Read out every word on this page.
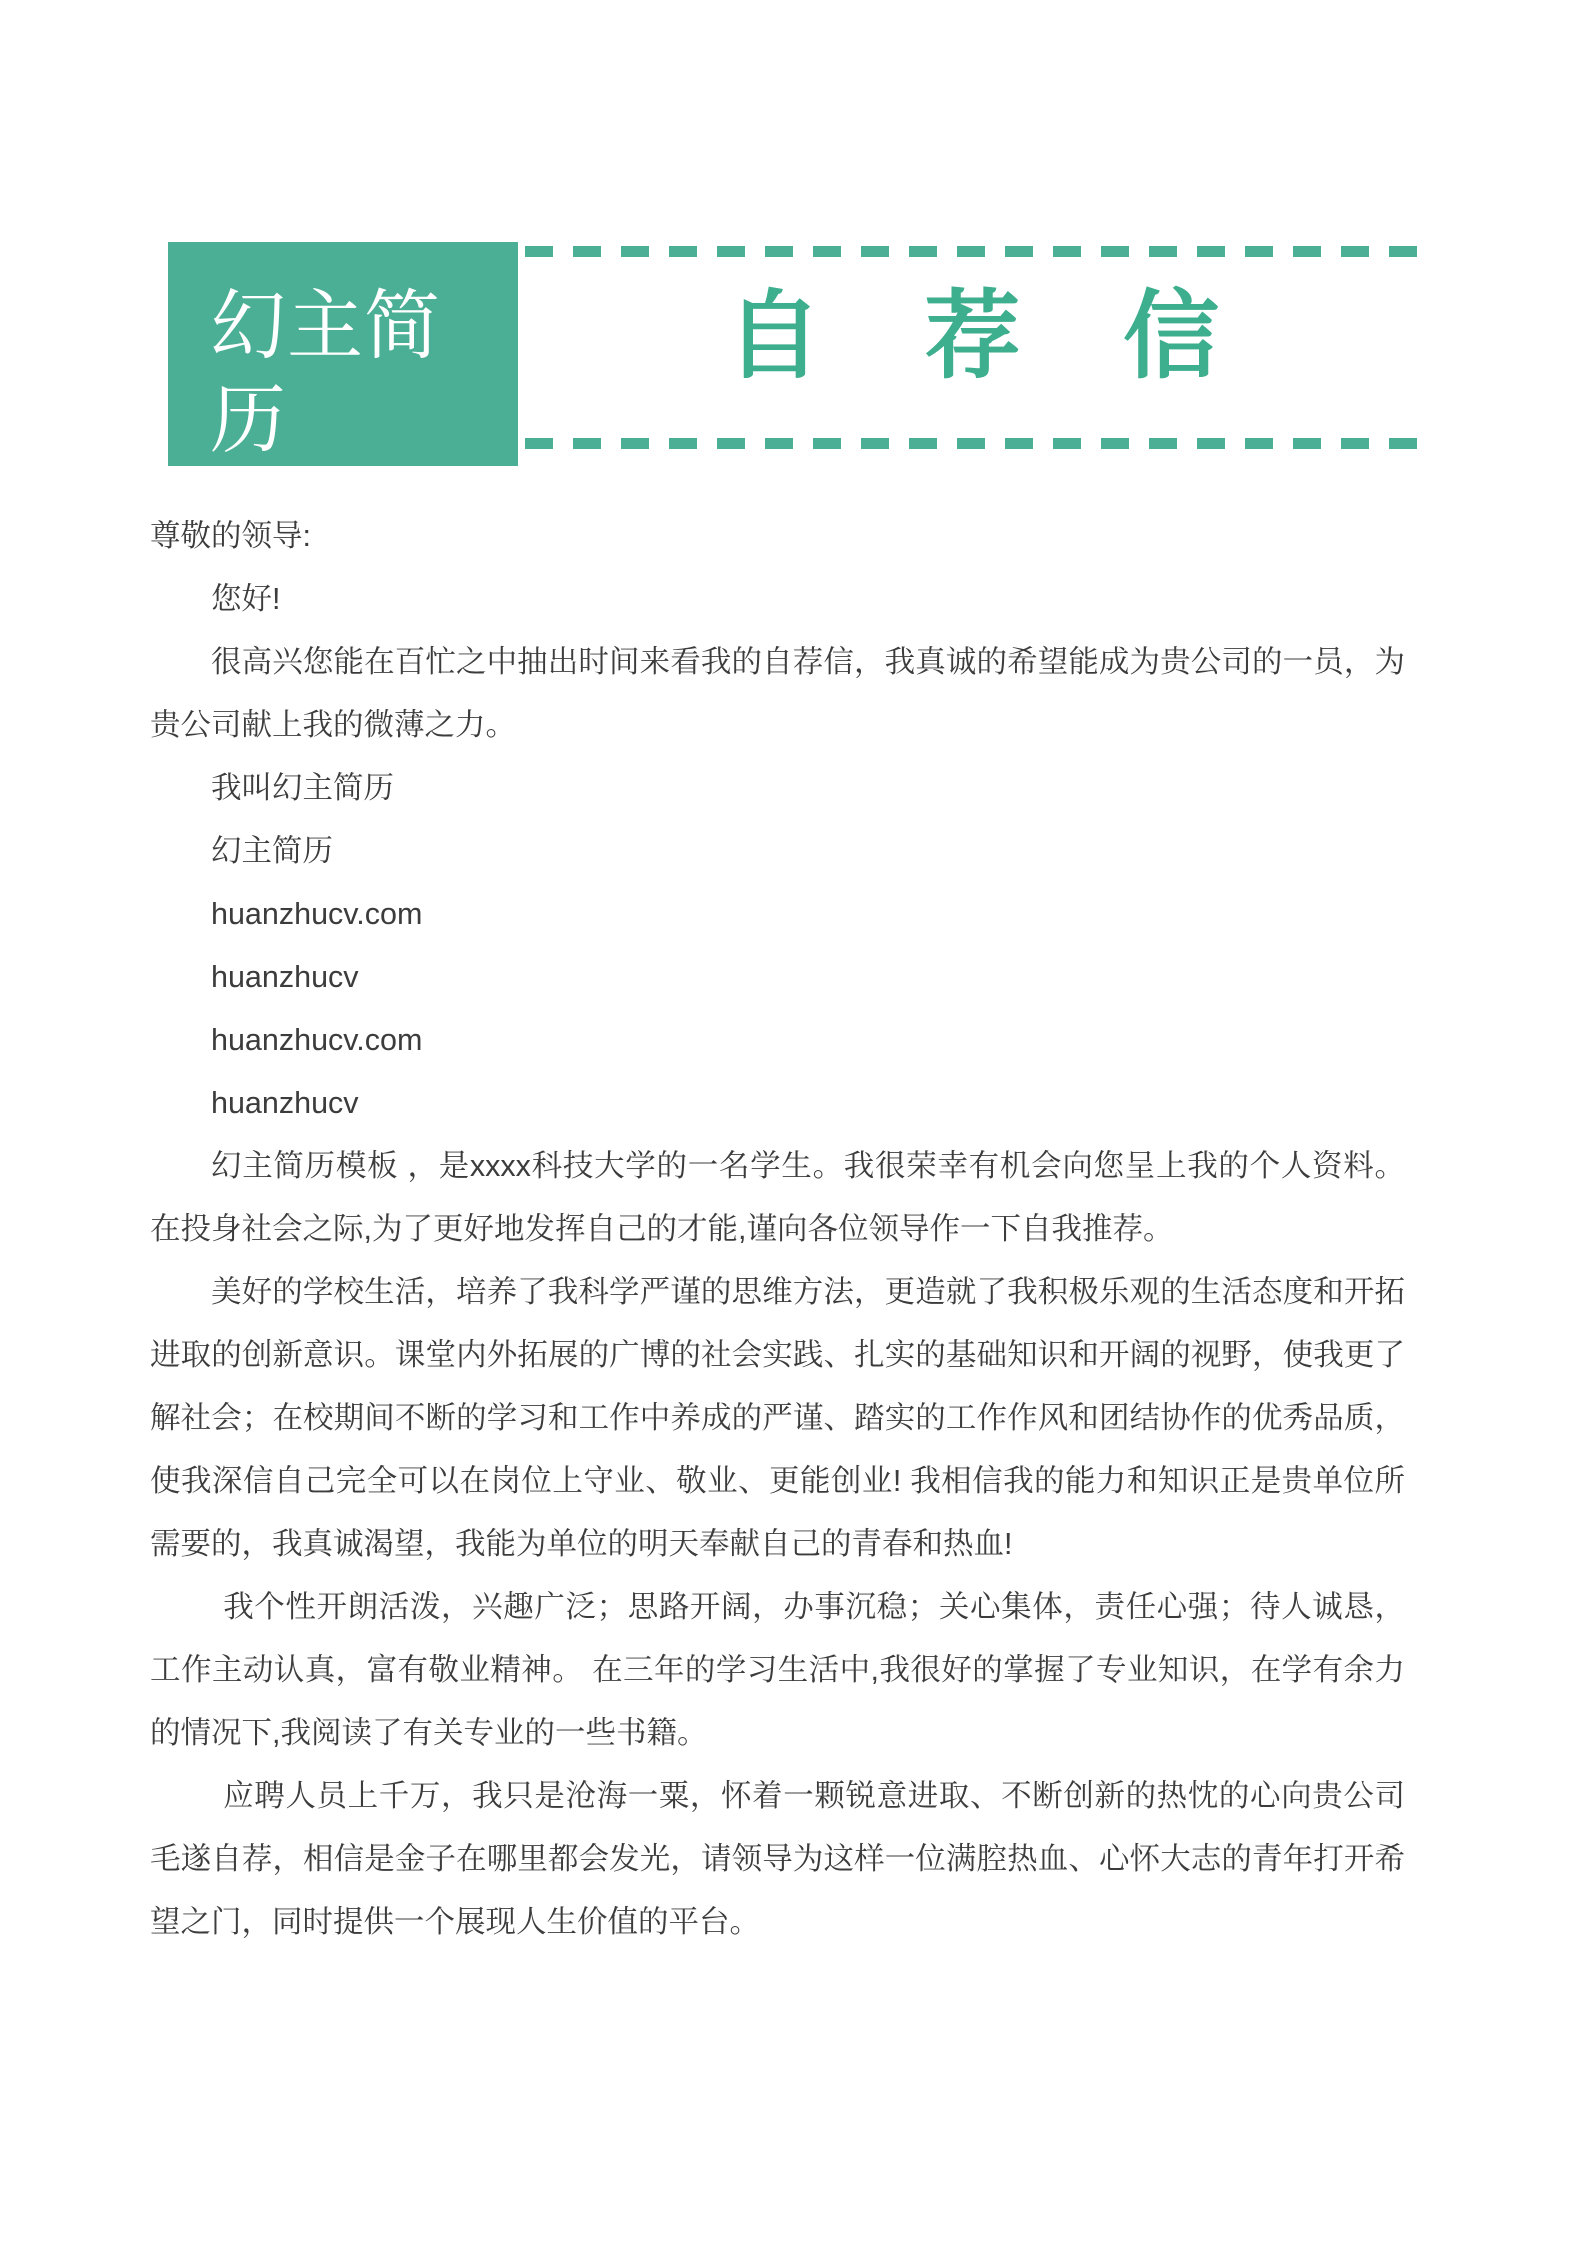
幻主简历
自 荐 信

尊敬的领导:

您好!

很高兴您能在百忙之中抽出时间来看我的自荐信，我真诚的希望能成为贵公司的一员，为贵公司献上我的微薄之力。

我叫幻主简历

幻主简历

huanzhucv.com

huanzhucv

huanzhucv.com

huanzhucv

幻主简历模板 ，是xxxx科技大学的一名学生。我很荣幸有机会向您呈上我的个人资料。在投身社会之际,为了更好地发挥自己的才能,谨向各位领导作一下自我推荐。

美好的学校生活，培养了我科学严谨的思维方法，更造就了我积极乐观的生活态度和开拓进取的创新意识。课堂内外拓展的广博的社会实践、扎实的基础知识和开阔的视野，使我更了解社会；在校期间不断的学习和工作中养成的严谨、踏实的工作作风和团结协作的优秀品质，使我深信自己完全可以在岗位上守业、敬业、更能创业! 我相信我的能力和知识正是贵单位所需要的，我真诚渴望，我能为单位的明天奉献自己的青春和热血!

我个性开朗活泼，兴趣广泛；思路开阔，办事沉稳；关心集体，责任心强；待人诚恳，工作主动认真，富有敬业精神。 在三年的学习生活中,我很好的掌握了专业知识，在学有余力的情况下,我阅读了有关专业的一些书籍。

应聘人员上千万，我只是沧海一粟，怀着一颗锐意进取、不断创新的热忱的心向贵公司毛遂自荐，相信是金子在哪里都会发光，请领导为这样一位满腔热血、心怀大志的青年打开希望之门，同时提供一个展现人生价值的平台。
